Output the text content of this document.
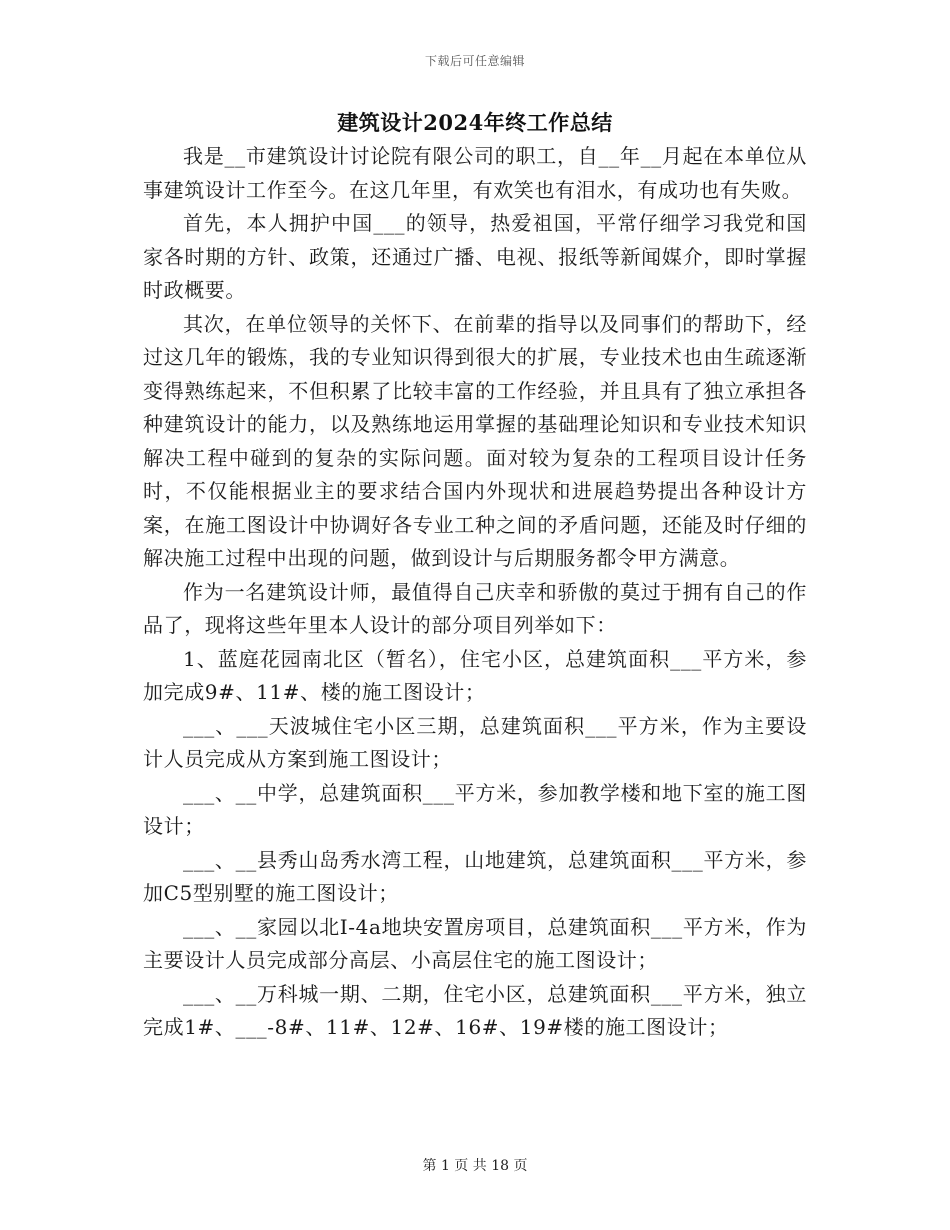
下载后可任意编辑
建筑设计2024年终工作总结

我是__市建筑设计讨论院有限公司的职工，自__年__月起在本单位从事建筑设计工作至今。在这几年里，有欢笑也有泪水，有成功也有失败。

首先，本人拥护中国___的领导，热爱祖国，平常仔细学习我党和国家各时期的方针、政策，还通过广播、电视、报纸等新闻媒介，即时掌握时政概要。

其次，在单位领导的关怀下、在前辈的指导以及同事们的帮助下，经过这几年的锻炼，我的专业知识得到很大的扩展，专业技术也由生疏逐渐变得熟练起来，不但积累了比较丰富的工作经验，并且具有了独立承担各种建筑设计的能力，以及熟练地运用掌握的基础理论知识和专业技术知识解决工程中碰到的复杂的实际问题。面对较为复杂的工程项目设计任务时，不仅能根据业主的要求结合国内外现状和进展趋势提出各种设计方案，在施工图设计中协调好各专业工种之间的矛盾问题，还能及时仔细的解决施工过程中出现的问题，做到设计与后期服务都令甲方满意。

作为一名建筑设计师，最值得自己庆幸和骄傲的莫过于拥有自己的作品了，现将这些年里本人设计的部分项目列举如下：

1、蓝庭花园南北区（暂名），住宅小区，总建筑面积___平方米，参加完成9#、11#、楼的施工图设计；

___、___天波城住宅小区三期，总建筑面积___平方米，作为主要设计人员完成从方案到施工图设计；

___、__中学，总建筑面积___平方米，参加教学楼和地下室的施工图设计；

___、__县秀山岛秀水湾工程，山地建筑，总建筑面积___平方米，参加C5型别墅的施工图设计；

___、__家园以北I-4a地块安置房项目，总建筑面积___平方米，作为主要设计人员完成部分高层、小高层住宅的施工图设计；

___、__万科城一期、二期，住宅小区，总建筑面积___平方米，独立完成1#、___-8#、11#、12#、16#、19#楼的施工图设计；

第 1 页 共 18 页
